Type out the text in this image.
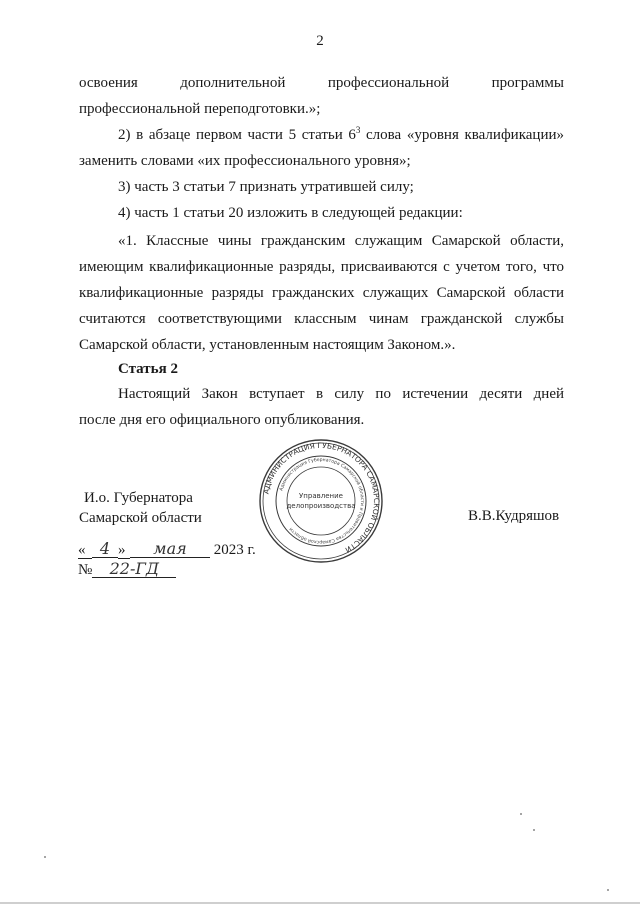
2
освоения дополнительной профессиональной программы
профессиональной переподготовки.»;
2) в абзаце первом части 5 статьи $6^3$ слова «уровня квалификации»
заменить словами «их профессионального уровня»;
3) часть 3 статьи 7 признать утратившей силу;
4) часть 1 статьи 20 изложить в следующей редакции:
«1. Классные чины гражданским служащим Самарской области,
имеющим квалификационные разряды, присваиваются с учетом того, что
квалификационные разряды гражданских служащих Самарской области
считаются соответствующими классным чинам гражданской службы
Самарской области, установленным настоящим Законом.».
Статья 2
Настоящий Закон вступает в силу по истечении десяти дней
после дня его официального опубликования.
И.о. Губернатора
Самарской области	В.В.Кудряшов
АДМИНИСТРАЦИЯ ГУБЕРНАТОРА САМАРСКОЙ ОБЛАСТИ
Администрация Губернатора Самарской области и Правительства Самарской области
Управление
делопроизводства
« 4 » мая 2023 г.
№ 22-ГД
